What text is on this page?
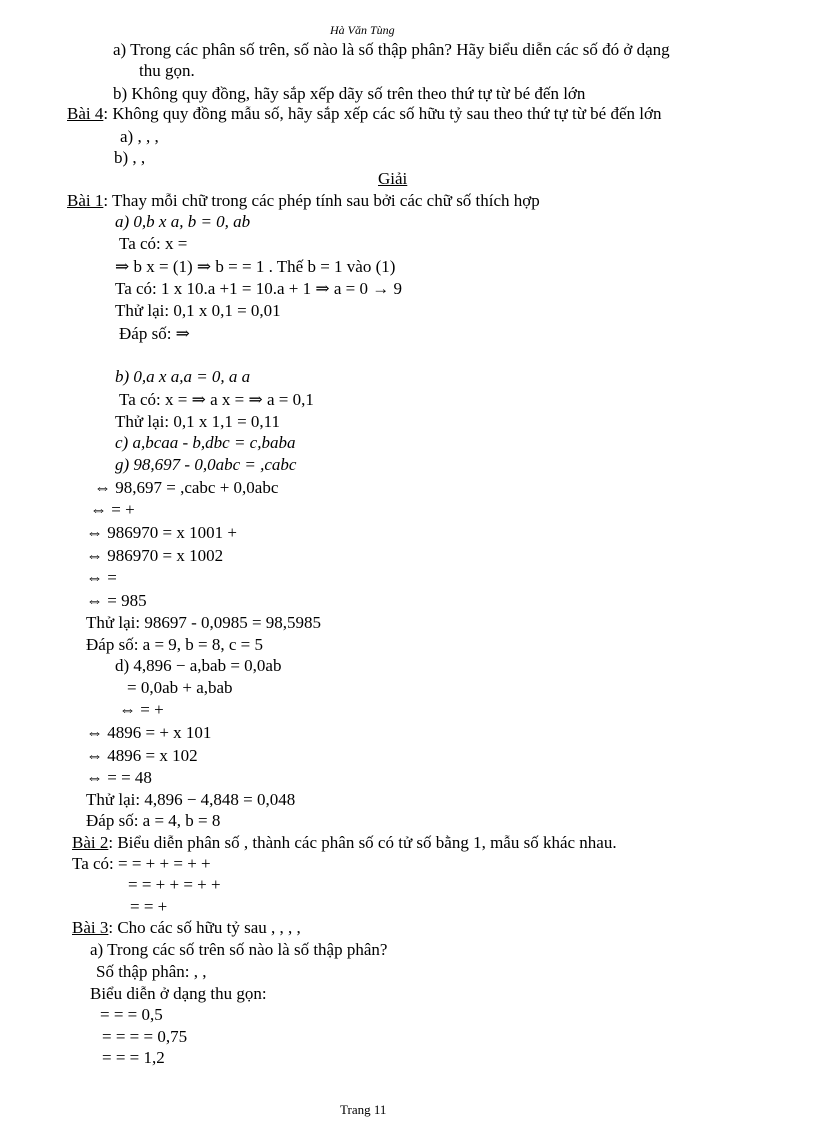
Hà Văn Tùng
a) Trong các phân số trên, số nào là số thập phân? Hãy biểu diễn các số đó ở dạng
thu gọn.
b) Không quy đồng, hãy sắp xếp dãy số trên theo thứ tự từ bé đến lớn
Bài 4: Không quy đồng mẫu số, hãy sắp xếp các số hữu tỷ sau theo thứ tự từ bé đến lớn
a) , , ,
b) , ,
Giải
Bài 1: Thay mỗi chữ trong các phép tính sau bởi các chữ số thích hợp
a) 0,b x a, b = 0, ab
Ta có: x =
⇒ b x = (1) ⇒ b = = 1 . Thế b = 1 vào (1)
Ta có: 1 x 10.a +1 = 10.a + 1 ⇒ a = 0 → 9
Thử lại: 0,1 x 0,1 = 0,01
Đáp số: ⇒
b) 0,a x a,a = 0, a a
Ta có: x = ⇒ a x = ⇒ a = 0,1
Thử lại: 0,1 x 1,1 = 0,11
c) a,bcaa - b,dbc = c,baba
g) 98,697 - 0,0abc = ,cabc
⇔ 98,697 = ,cabc + 0,0abc
⇔ = +
⇔ 986970 = x 1001 +
⇔ 986970 = x 1002
⇔ =
⇔ = 985
Thử lại: 98697 - 0,0985 = 98,5985
Đáp số: a = 9, b = 8, c = 5
d) 4,896 − a,bab = 0,0ab
= 0,0ab + a,bab
⇔ = +
⇔ 4896 = + x 101
⇔ 4896 = x 102
⇔ = = 48
Thử lại: 4,896 − 4,848 = 0,048
Đáp số: a = 4, b = 8
Bài 2: Biểu diễn phân số , thành các phân số có tử số bằng 1, mẫu số khác nhau.
Ta có: = = + + = + +
= = + + = + +
= = +
Bài 3: Cho các số hữu tỷ sau , , , ,
a) Trong các số trên số nào là số thập phân?
Số thập phân: , ,
Biểu diễn ở dạng thu gọn:
= = = 0,5
= = = = 0,75
= = = 1,2
Trang 11
